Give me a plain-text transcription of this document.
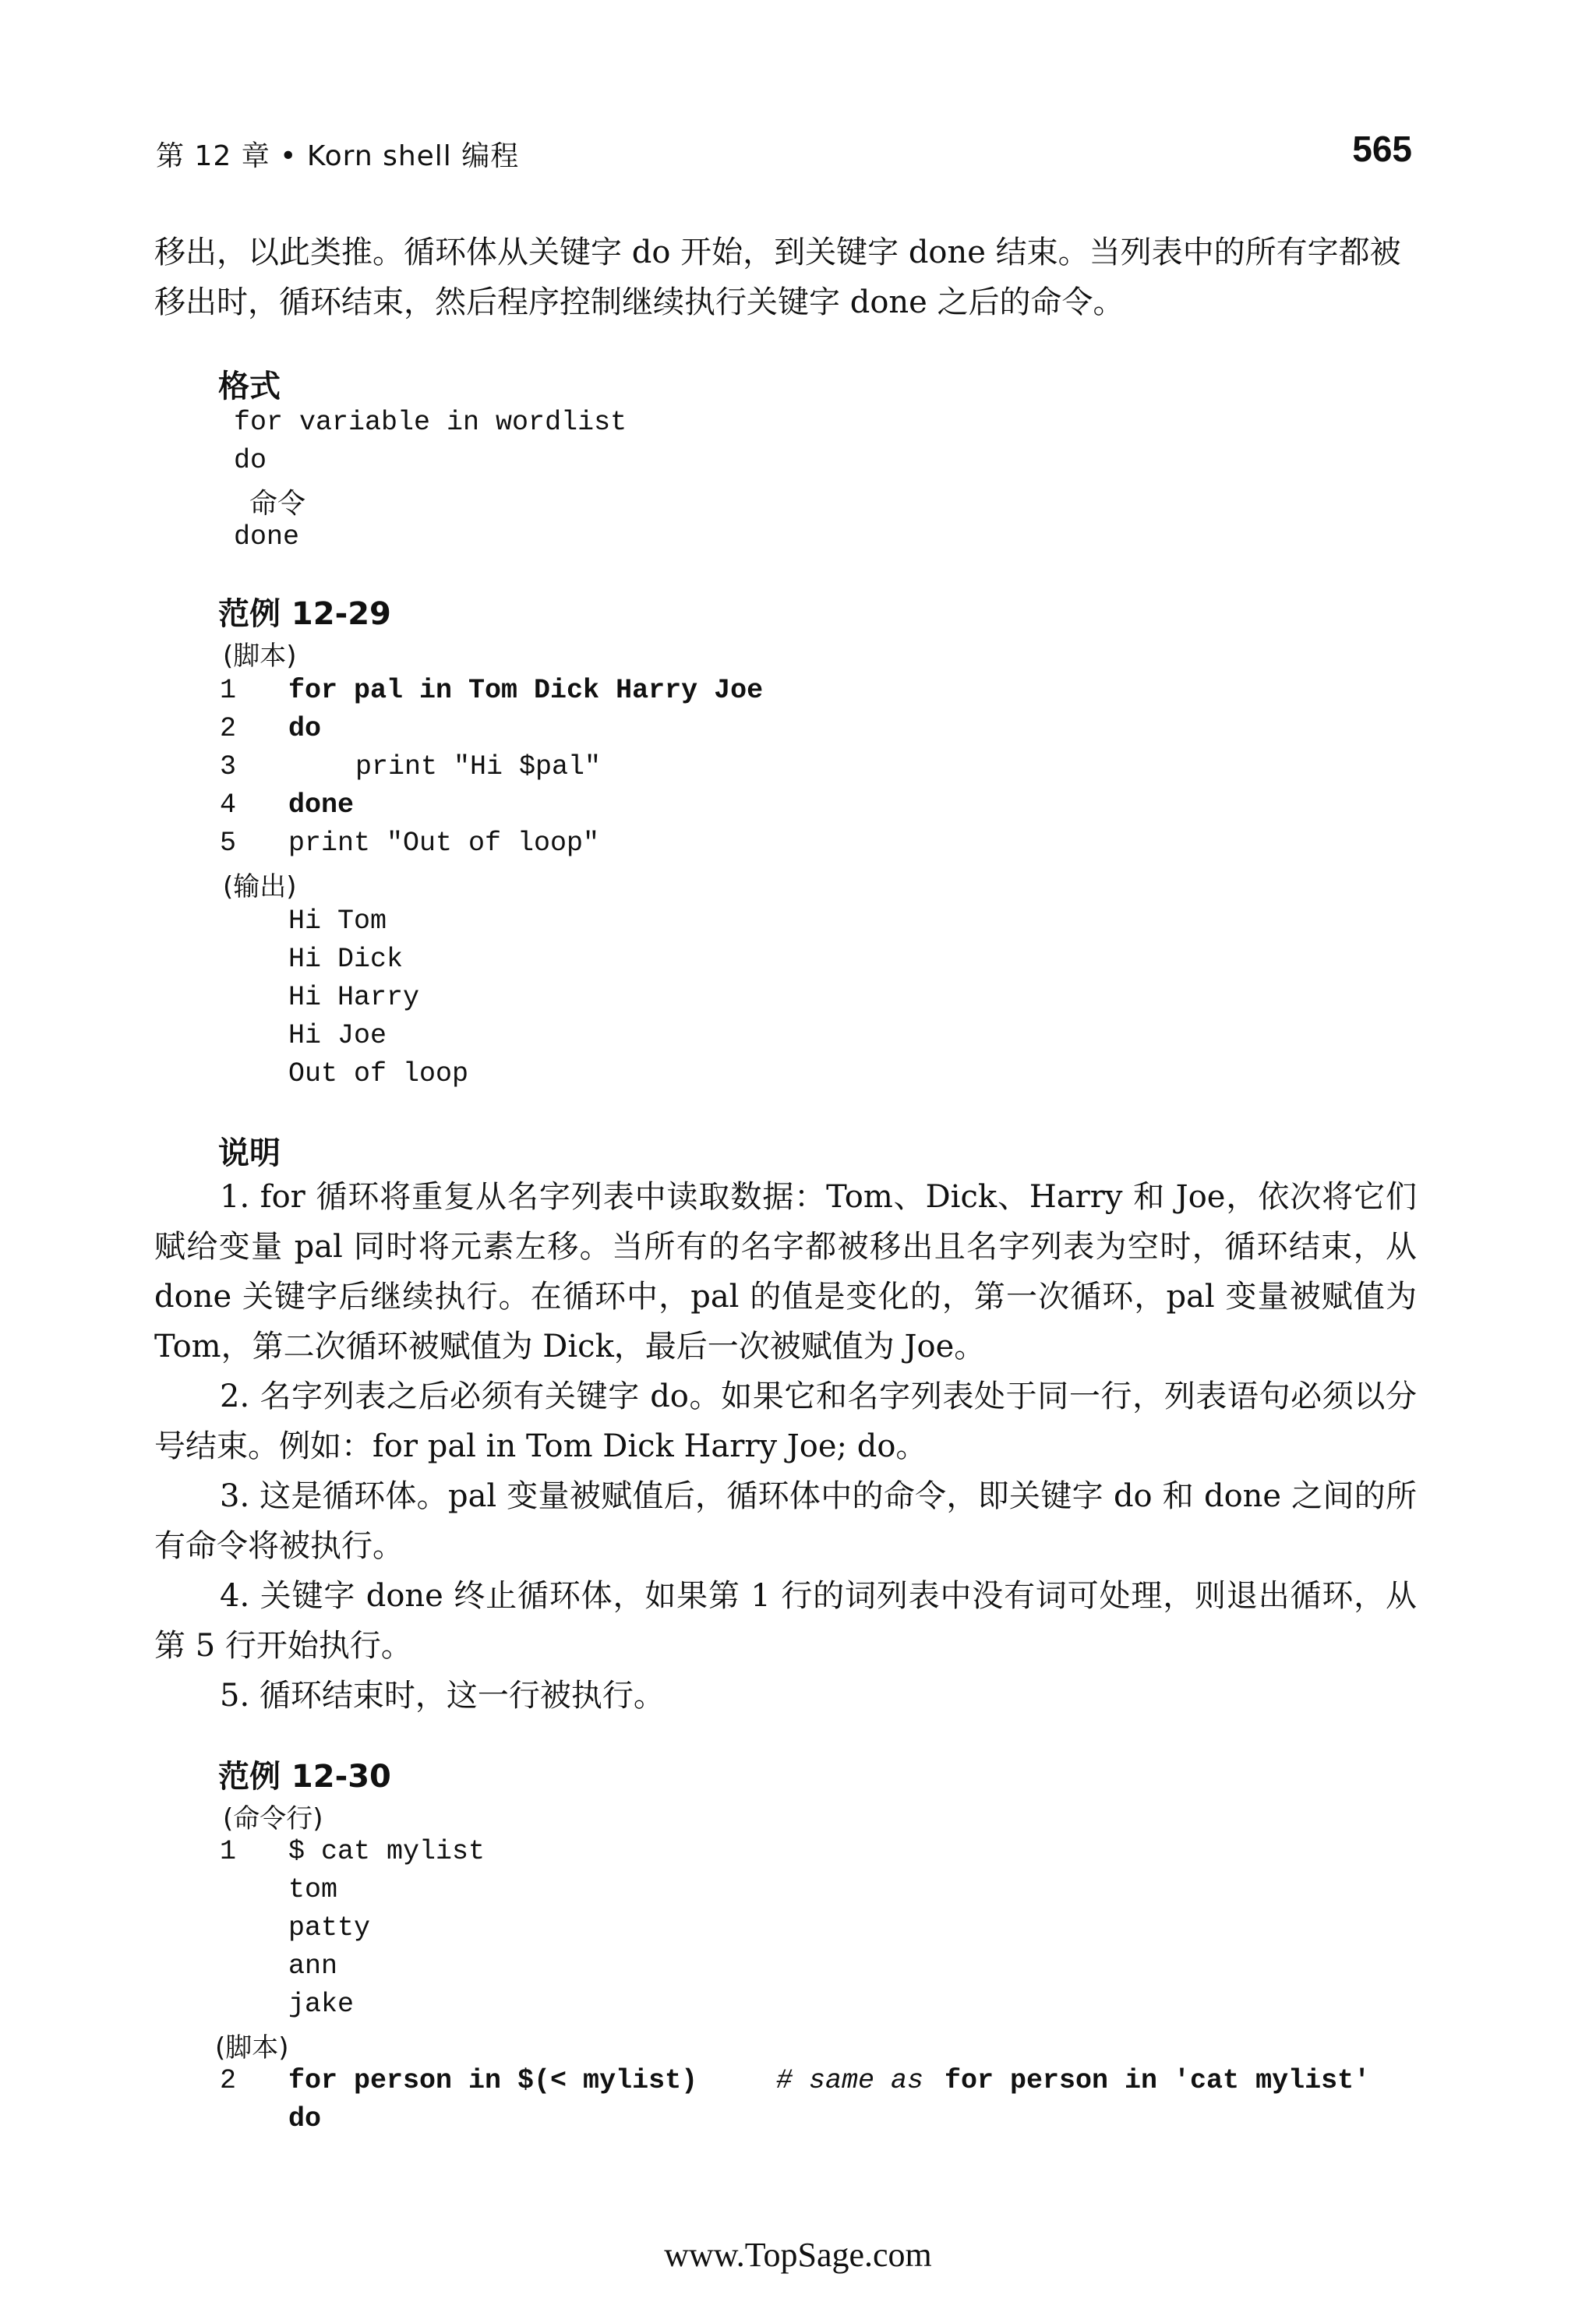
第 12 章 • Korn shell 编程	565

移出，以此类推。循环体从关键字 do 开始，到关键字 done 结束。当列表中的所有字都被

移出时，循环结束，然后程序控制继续执行关键字 done 之后的命令。

格式
for variable in wordlist
do
命令
done
范例 12-29
(脚本)
1 for pal in Tom Dick Harry Joe
2 do
3	print "Hi $pal"
4 done
5 print "Out of loop"
(输出)
Hi Tom
Hi Dick
Hi Harry
Hi Joe
Out of loop
说明
1. for 循环将重复从名字列表中读取数据：Tom、Dick、Harry 和 Joe，依次将它们赋给变量 pal 同时将元素左移。当所有的名字都被移出且名字列表为空时，循环结束，从 done 关键字后继续执行。在循环中，pal 的值是变化的，第一次循环，pal 变量被赋值为 Tom，第二次循环被赋值为 Dick，最后一次被赋值为 Joe。
2. 名字列表之后必须有关键字 do。如果它和名字列表处于同一行，列表语句必须以分号结束。例如：for pal in Tom Dick Harry Joe; do。
3. 这是循环体。pal 变量被赋值后，循环体中的命令，即关键字 do 和 done 之间的所有命令将被执行。
4. 关键字 done 终止循环体，如果第 1 行的词列表中没有词可处理，则退出循环，从第 5 行开始执行。
5. 循环结束时，这一行被执行。
范例 12-30
(命令行)
1 $ cat mylist
tom
patty
ann
jake
(脚本)
2 for person in $(< mylist)	# same as for person in 'cat mylist'
do
www.TopSage.com
